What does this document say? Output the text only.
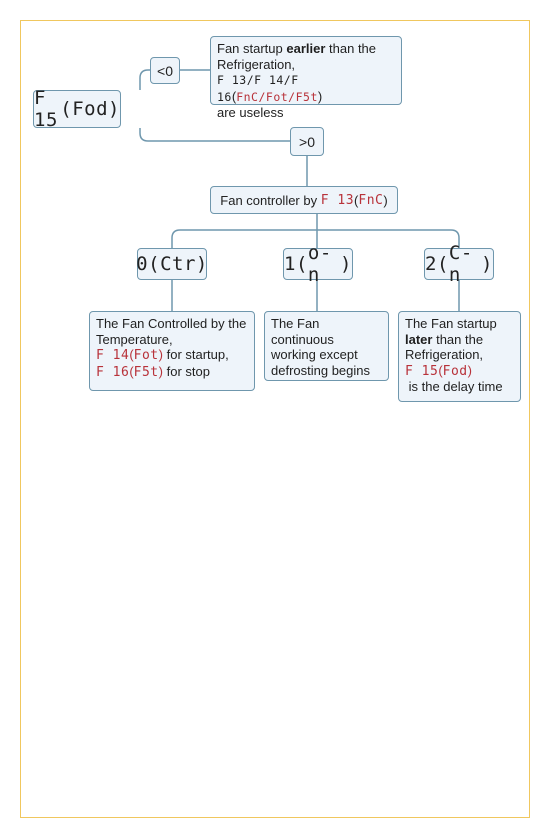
F 15 ( Fod )
<0
Fan startup earlier than the Refrigeration,
F 13/F 14/F 16(FnC/Fot/F5t)
are useless
>0
Fan controller by F 13 ( FnC )
0 ( Ctr )	1 ( o-n	)	2 ( C-n	)
The Fan Controlled by the Temperature,
F 14(Fot) for startup,
F 16(F5t) for stop
The Fan continuous working except defrosting begins
The Fan startup later than the Refrigeration,
F 15(Fod) is the delay time
